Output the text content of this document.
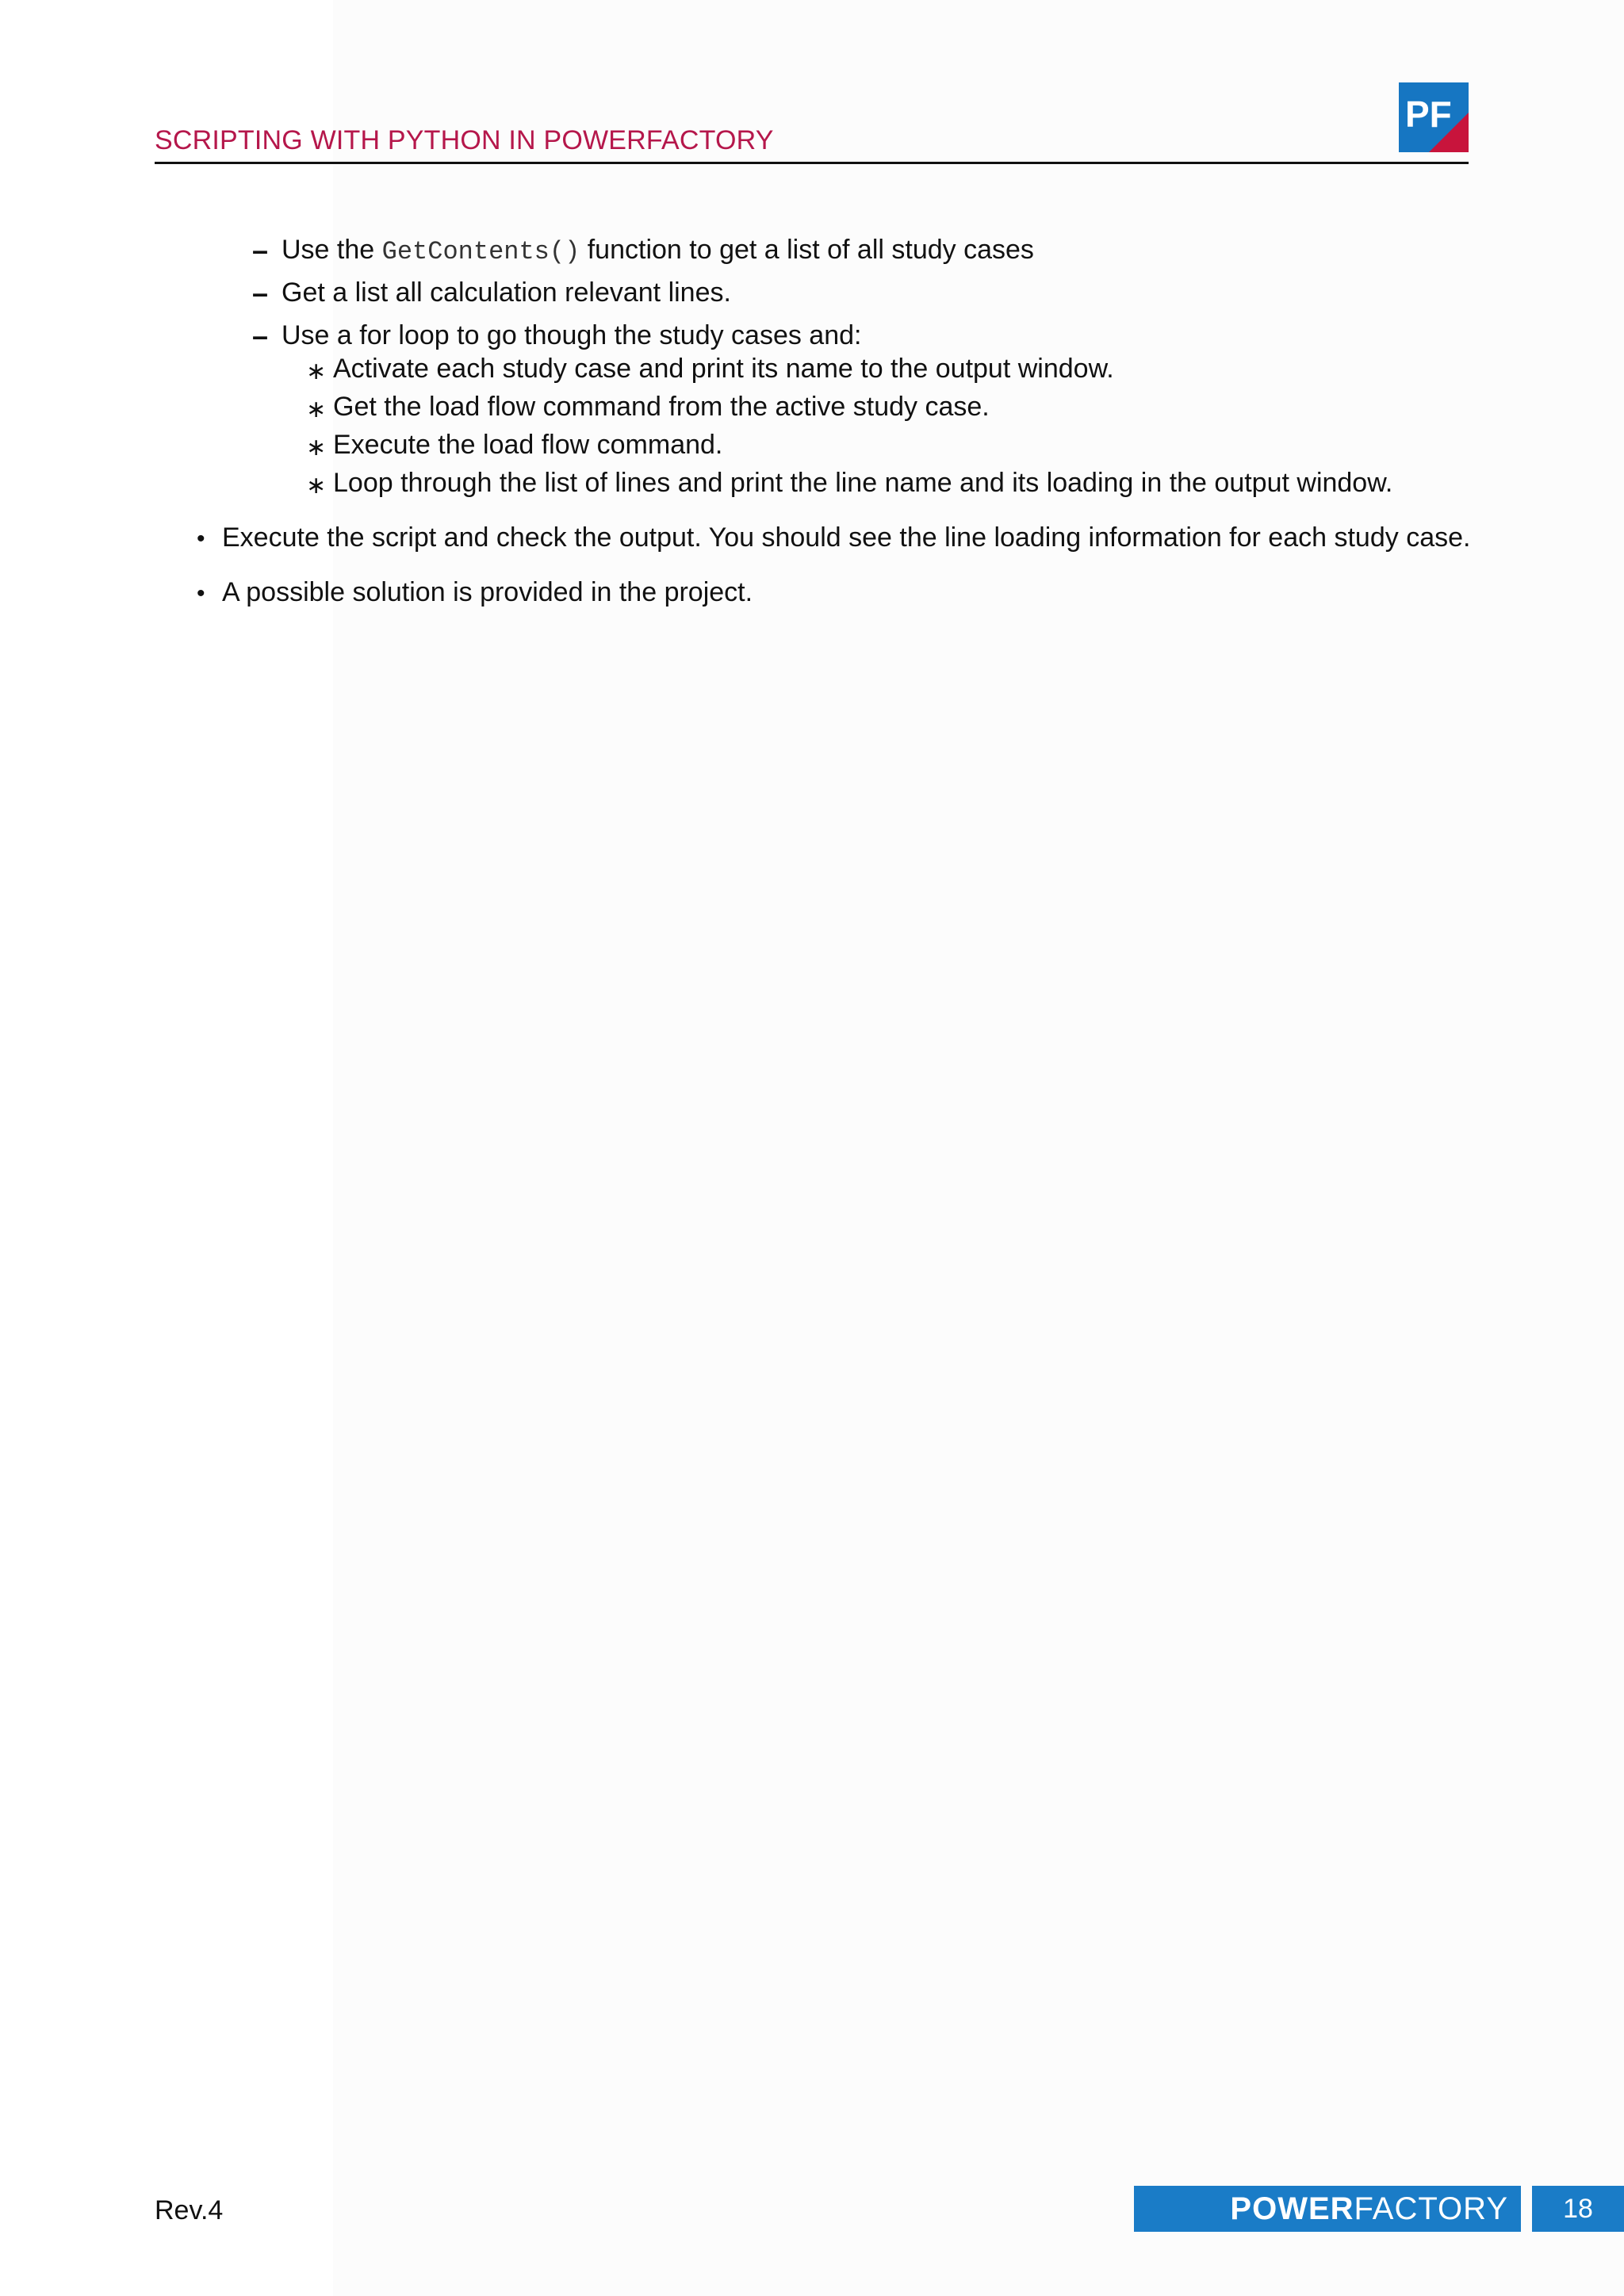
SCRIPTING WITH PYTHON IN POWERFACTORY
PF
– Use the GetContents() function to get a list of all study cases
– Get a list all calculation relevant lines.
– Use a for loop to go though the study cases and:
∗ Activate each study case and print its name to the output window.
∗ Get the load flow command from the active study case.
∗ Execute the load flow command.
∗ Loop through the list of lines and print the line name and its loading in the output window.
• Execute the script and check the output. You should see the line loading information for each study case.
• A possible solution is provided in the project.
Rev.4	POWER FACTORY	18
